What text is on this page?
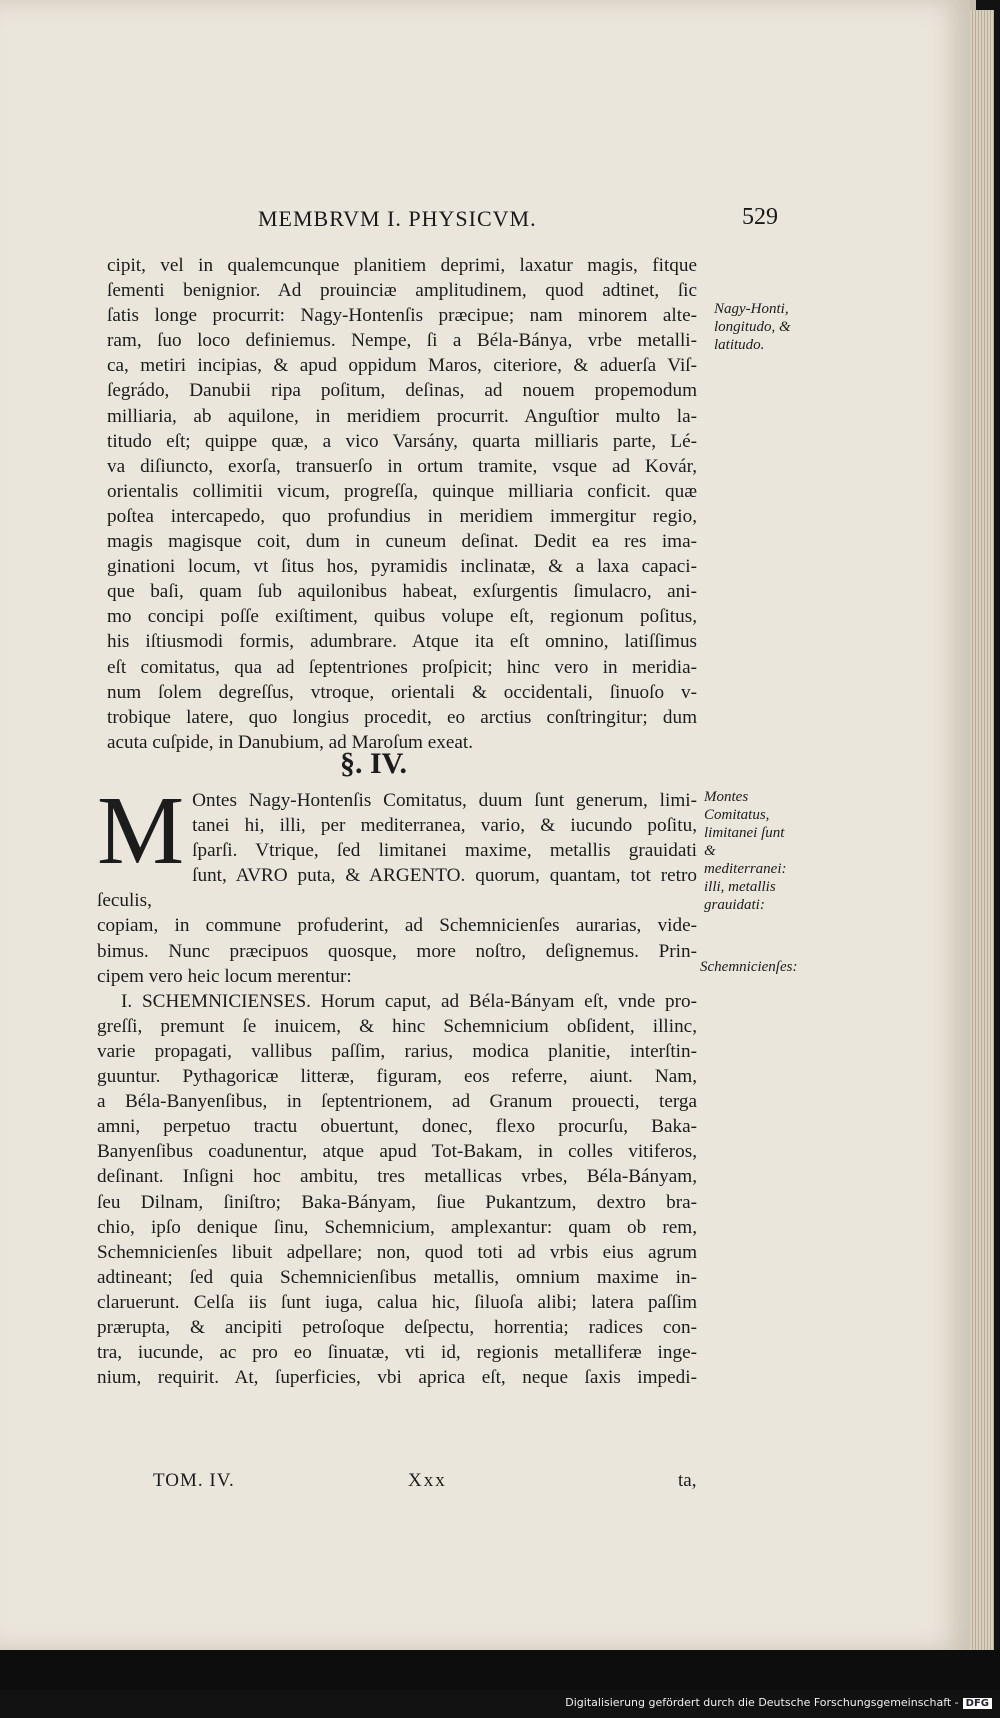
MEMBRVM I. PHYSICVM.	529
cipit, vel in qualemcunque planitiem deprimi, laxatur magis, fitque
ſementi benignior. Ad prouinciæ amplitudinem, quod adtinet, ſic
ſatis longe procurrit: Nagy-Hontenſis præcipue; nam minorem alte-
ram, ſuo loco definiemus. Nempe, ſi a Béla-Bánya, vrbe metalli-
ca, metiri incipias, & apud oppidum Maros, citeriore, & aduerſa Viſ-
ſegrádo, Danubii ripa poſitum, deſinas, ad nouem propemodum
milliaria, ab aquilone, in meridiem procurrit. Anguſtior multo la-
titudo eſt; quippe quæ, a vico Varsány, quarta milliaris parte, Lé-
va diſiuncto, exorſa, transuerſo in ortum tramite, vsque ad Kovár,
orientalis collimitii vicum, progreſſa, quinque milliaria conficit. quæ
poſtea intercapedo, quo profundius in meridiem immergitur regio,
magis magisque coit, dum in cuneum deſinat. Dedit ea res ima-
ginationi locum, vt ſitus hos, pyramidis inclinatæ, & a laxa capaci-
que baſi, quam ſub aquilonibus habeat, exſurgentis ſimulacro, ani-
mo concipi poſſe exiſtiment, quibus volupe eſt, regionum poſitus,
his iſtiusmodi formis, adumbrare. Atque ita eſt omnino, latiſſimus
eſt comitatus, qua ad ſeptentriones proſpicit; hinc vero in meridia-
num ſolem degreſſus, vtroque, orientali & occidentali, ſinuoſo v-
trobique latere, quo longius procedit, eo arctius conſtringitur; dum
acuta cuſpide, in Danubium, ad Maroſum exeat.
§. IV.
M Ontes Nagy-Hontenſis Comitatus, duum ſunt generum, limi-
tanei hi, illi, per mediterranea, vario, & iucundo poſitu,
ſparſi. Vtrique, ſed limitanei maxime, metallis grauidati
ſunt, AVRO puta, & ARGENTO. quorum, quantam, tot retro ſeculis,
copiam, in commune profuderint, ad Schemnicienſes aurarias, vide-
bimus. Nunc præcipuos quosque, more noſtro, deſignemus. Prin-
cipem vero heic locum merentur:
I. SCHEMNICIENSES. Horum caput, ad Béla-Bányam eſt, vnde pro-
greſſi, premunt ſe inuicem, & hinc Schemnicium obſident, illinc,
varie propagati, vallibus paſſim, rarius, modica planitie, interſtin-
guuntur. Pythagoricæ litteræ, figuram, eos referre, aiunt. Nam,
a Béla-Banyenſibus, in ſeptentrionem, ad Granum prouecti, terga
amni, perpetuo tractu obuertunt, donec, flexo procurſu, Baka-
Banyenſibus coadunentur, atque apud Tot-Bakam, in colles vitiferos,
deſinant. Inſigni hoc ambitu, tres metallicas vrbes, Béla-Bányam,
ſeu Dilnam, ſiniſtro; Baka-Bányam, ſiue Pukantzum, dextro bra-
chio, ipſo denique ſinu, Schemnicium, amplexantur: quam ob rem,
Schemnicienſes libuit adpellare; non, quod toti ad vrbis eius agrum
adtineant; ſed quia Schemnicienſibus metallis, omnium maxime in-
claruerunt. Celſa iis ſunt iuga, calua hic, ſiluoſa alibi; latera paſſim
prærupta, & ancipiti petroſoque deſpectu, horrentia; radices con-
tra, iucunde, ac pro eo ſinuatæ, vti id, regionis metalliferæ inge-
nium, requirit. At, ſuperficies, vbi aprica eſt, neque ſaxis impedi-
Nagy-Honti, longitudo, & latitudo.
Montes Comitatus, limitanei ſunt & mediterranei: illi, metallis grauidati:
Schemnicienſes:
TOM. IV.	Xxx	ta,
Digitalisierung gefördert durch die Deutsche Forschungsgemeinschaft - DFG
